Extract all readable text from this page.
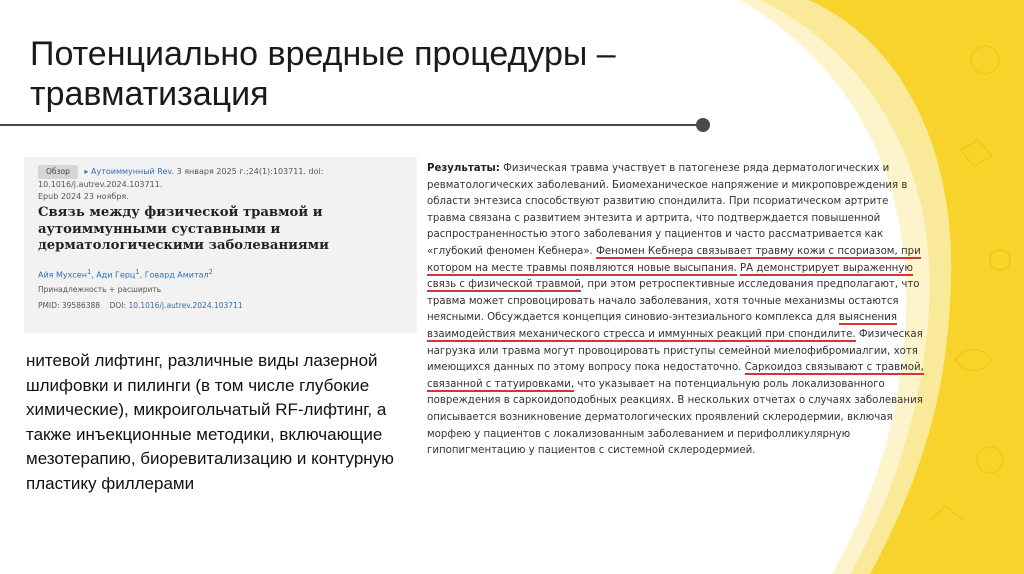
Потенциально вредные процедуры – травматизация
Обзор ▸ Аутоиммунный Rev. 3 января 2025 г.;24(1):103711. doi: 10.1016/j.autrev.2024.103711.
Epub 2024 23 ноября.
Связь между физической травмой и аутоиммунными суставными и дерматологическими заболеваниями
Айя Мухсен$^1$, Ади Герц$^1$, Говард Амитал$^2$
Принадлежность + расширить
PMID: 39586388 DOI: 10.1016/j.autrev.2024.103711

нитевой лифтинг, различные виды лазерной шлифовки и пилинги (в том числе глубокие химические), микроигольчатый RF-лифтинг, а также инъекционные методики, включающие мезотерапию, биоревитализацию и контурную пластику филлерами

Результаты: Физическая травма участвует в патогенезе ряда дерматологических и ревматологических заболеваний. Биомеханическое напряжение и микроповреждения в области энтезиса способствуют развитию спондилита. При псориатическом артрите травма связана с развитием энтезита и артрита, что подтверждается повышенной распространенностью этого заболевания у пациентов и часто рассматривается как «глубокий феномен Кебнера». Феномен Кебнера связывает травму кожи с псориазом, при котором на месте травмы появляются новые высыпания. РА демонстрирует выраженную связь с физической травмой, при этом ретроспективные исследования предполагают, что травма может спровоцировать начало заболевания, хотя точные механизмы остаются неясными. Обсуждается концепция синовио-энтезиального комплекса для выяснения взаимодействия механического стресса и иммунных реакций при спондилите. Физическая нагрузка или травма могут провоцировать приступы семейной миелофибромиалгии, хотя имеющихся данных по этому вопросу пока недостаточно. Саркоидоз связывают с травмой, связанной с татуировками, что указывает на потенциальную роль локализованного повреждения в саркоидоподобных реакциях. В нескольких отчетах о случаях заболевания описывается возникновение дерматологических проявлений склеродермии, включая морфею у пациентов с локализованным заболеванием и перифолликулярную гипопигментацию у пациентов с системной склеродермией.
